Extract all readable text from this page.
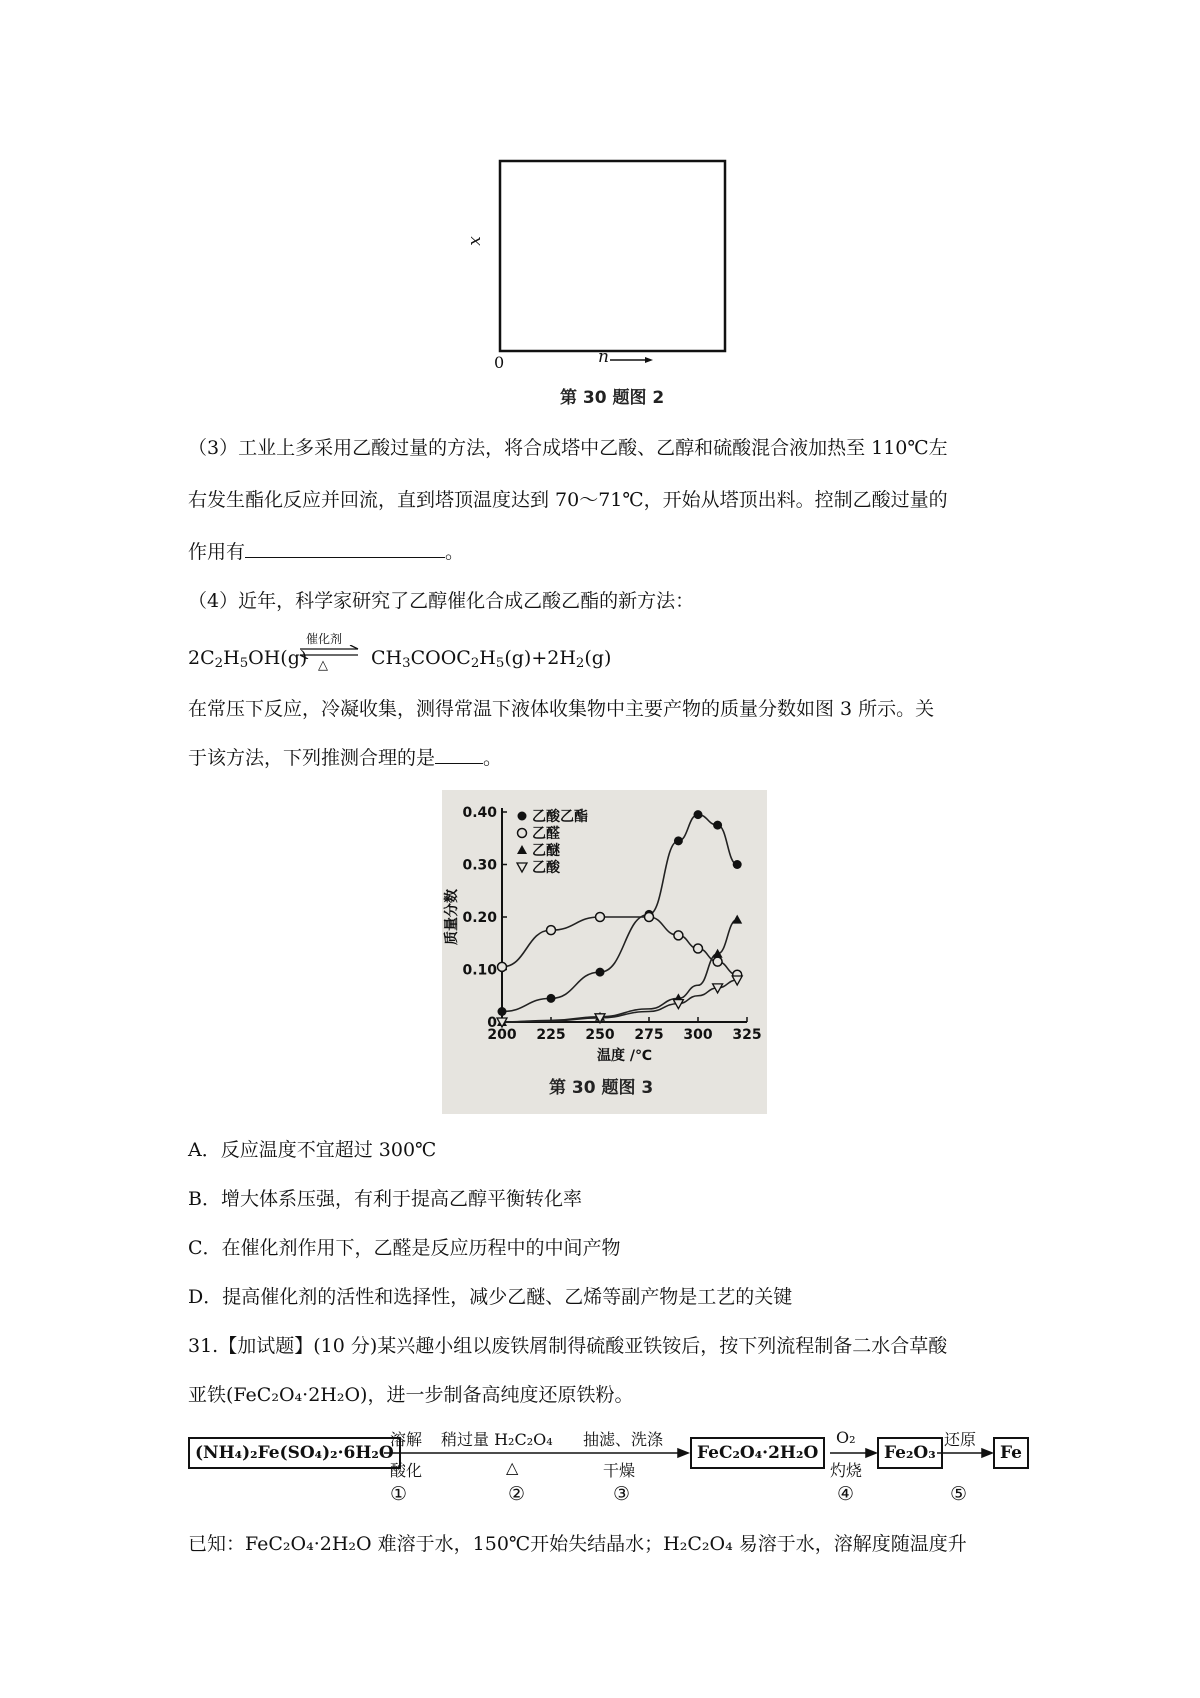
x
0	n
第 30 题图 2
（3）工业上多采用乙酸过量的方法，将合成塔中乙酸、乙醇和硫酸混合液加热至 110℃左
右发生酯化反应并回流，直到塔顶温度达到 70～71℃，开始从塔顶出料。控制乙酸过量的
作用有	。
（4）近年，科学家研究了乙醇催化合成乙酸乙酯的新方法：
$2C_2H_5OH(g)$
催化剂
△ $CH_3COOC_2H_5(g)+2H_2(g)$
在常压下反应，冷凝收集，测得常温下液体收集物中主要产物的质量分数如图 3 所示。关
于该方法，下列推测合理的是	。
0
0.10
0.20
0.30
0.40
200 225 250 275 300 325
温度 /℃
质量分数
乙酸乙酯
乙醛
乙醚
乙酸
第 30 题图 3
A．反应温度不宜超过 300℃
B．增大体系压强，有利于提高乙醇平衡转化率
C．在催化剂作用下，乙醛是反应历程中的中间产物
D．提高催化剂的活性和选择性，减少乙醚、乙烯等副产物是工艺的关键
31.【加试题】(10 分)某兴趣小组以废铁屑制得硫酸亚铁铵后，按下列流程制备二水合草酸
亚铁(FeC₂O₄·2H₂O)，进一步制备高纯度还原铁粉。
(NH₄)₂Fe(SO₄)₂·6H₂O	FeC₂O₄·2H₂O	Fe₂O₃	Fe
溶解
酸化
稍过量 H₂C₂O₄
△
抽滤、洗涤
干燥
O₂
灼烧
还原
①	②	③	④	⑤
已知：FeC₂O₄·2H₂O 难溶于水，150℃开始失结晶水；H₂C₂O₄ 易溶于水，溶解度随温度升
